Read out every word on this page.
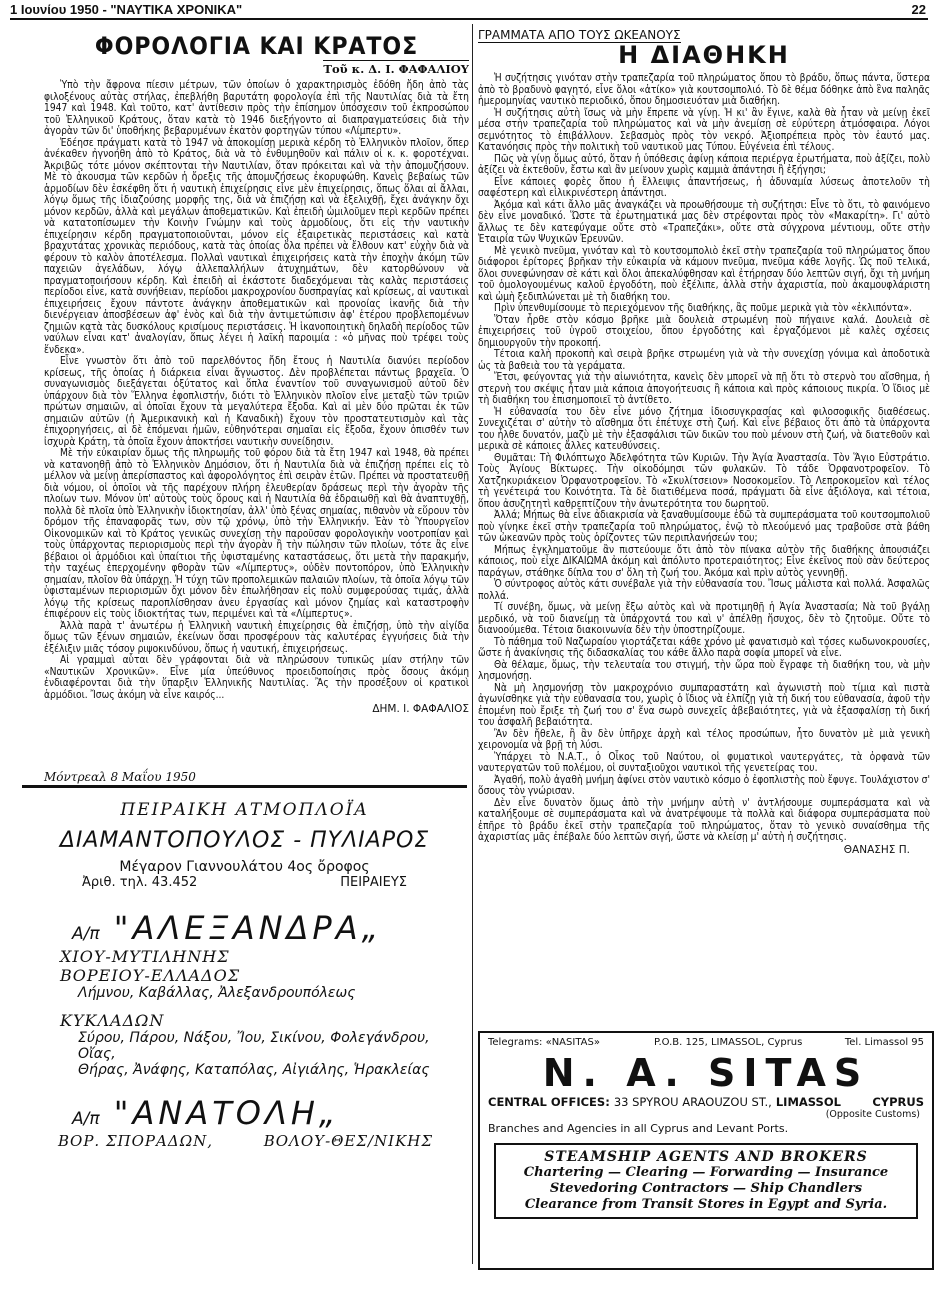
1 Ιουνίου 1950 - "ΝΑΥΤΙΚΑ ΧΡΟΝΙΚΑ"	22
ΦΟΡΟΛΟΓΙΑ ΚΑΙ ΚΡΑΤΟΣ
Τοῦ κ. Δ. Ι. ΦΑΦΑΛΙΟΥ

Ὑπὸ τὴν ἄφρονα πίεσιν μέτρων, τῶν ὁποίων ὁ χαρακτηρισμὸς ἐδόθη ἤδη ἀπὸ τὰς φιλοξένους αὐτὰς στήλας, ἐπεβλήθη βαρυτάτη φορολογία ἐπὶ τῆς Ναυτιλίας διὰ τὰ ἔτη 1947 καὶ 1948. Καὶ τοῦτο, κατ' ἀντίθεσιν πρὸς τὴν ἐπίσημον ὑπόσχεσιν τοῦ ἐκπροσώπου τοῦ Ἑλληνικοῦ Κράτους, ὅταν κατὰ τὸ 1946 διεξήγοντο αἱ διαπραγματεύσεις διὰ τὴν ἀγορὰν τῶν δι' ὑποθήκης βεβαρυμένων ἑκατὸν φορτηγῶν τύπου «Λίμπερτυ».

Ἐδέησε πράγματι κατὰ τὸ 1947 νὰ ἀποκομίσῃ μερικὰ κέρδη τὸ Ἑλληνικὸν πλοῖον, ὅπερ ἀνέκαθεν ἠγνοήθη ἀπὸ τὸ Κράτος, διὰ νὰ τὸ ἐνθυμηθοῦν καὶ πάλιν οἱ κ. κ. φοροτέχναι. Ἀκριβῶς τότε μόνον σκέπτονται τὴν Ναυτιλίαν, ὅταν πρόκειται καὶ νὰ τὴν ἀπομυζήσουν. Μὲ τὸ ἀκουσμα τῶν κερδῶν ἡ ὄρεξις τῆς ἀπομυζήσεως ἐκορυφώθη. Κανεὶς βεβαίως τῶν ἁρμοδίων δὲν ἐσκέφθη ὅτι ἡ ναυτικὴ ἐπιχείρησις εἶνε μὲν ἐπιχείρησις, ὅπως ὅλαι αἱ ἄλλαι, λόγῳ ὅμως τῆς ἰδιαζούσης μορφῆς της, διὰ νὰ ἐπιζήσῃ καὶ νὰ ἐξελιχθῇ, ἔχει ἀνάγκην ὄχι μόνον κερδῶν, ἀλλὰ καὶ μεγάλων ἀποθεματικῶν. Καὶ ἐπειδὴ ὡμιλοῦμεν περὶ κερδῶν πρέπει νὰ κατατοπίσωμεν τὴν Κοινὴν Γνώμην καὶ τοὺς ἁρμοδίους, ὅτι εἰς τὴν ναυτικὴν ἐπιχείρησιν κέρδη πραγματοποιοῦνται, μόνον εἰς ἐξαιρετικὰς περιστάσεις καὶ κατὰ βραχυτάτας χρονικὰς περιόδους, κατὰ τὰς ὁποίας ὅλα πρέπει νὰ ἔλθουν κατ' εὐχὴν διὰ νὰ φέρουν τὸ καλὸν ἀποτέλεσμα. Πολλαὶ ναυτικαὶ ἐπιχειρήσεις κατὰ τὴν ἐποχὴν ἀκόμη τῶν παχειῶν ἀγελάδων, λόγῳ ἀλλεπαλλήλων ἀτυχημάτων, δὲν κατορθώνουν νὰ πραγματοποιήσουν κέρδη. Καὶ ἐπειδὴ αἱ ἑκάστοτε διαδεχόμεναι τὰς καλὰς περιστάσεις περίοδοι εἶνε, κατὰ συνήθειαν, περίοδοι μακροχρονίου δυσπραγίας καὶ κρίσεως, αἱ ναυτικαὶ ἐπιχειρήσεις ἔχουν πάντοτε ἀνάγκην ἀποθεματικῶν καὶ προνοίας ἱκανῆς διὰ τὴν διενέργειαν ἀποσβέσεων ἀφ' ἑνὸς καὶ διὰ τὴν ἀντιμετώπισιν ἀφ' ἑτέρου προβλεπομένων ζημιῶν κατὰ τὰς δυσκόλους κρισίμους περιστάσεις. Ἡ ἱκανοποιητικὴ δηλαδὴ περίοδος τῶν ναύλων εἶναι κατ' ἀναλογίαν, ὅπως λέγει ἡ λαϊκὴ παροιμία : «ὁ μῆνας ποὺ τρέφει τοὺς ἕνδεκα».

Εἶνε γνωστὸν ὅτι ἀπὸ τοῦ παρελθόντος ἤδη ἔτους ἡ Ναυτιλία διανύει περίοδον κρίσεως, τῆς ὁποίας ἡ διάρκεια εἶναι ἄγνωστος. Δὲν προβλέπεται πάντως βραχεῖα. Ὁ συναγωνισμὸς διεξάγεται ὀξύτατος καὶ ὅπλα ἐναντίον τοῦ συναγωνισμοῦ αὐτοῦ δὲν ὑπάρχουν διὰ τὸν Ἕλληνα ἐφοπλιστήν, διότι τὸ Ἑλληνικὸν πλοῖον εἶνε μεταξὺ τῶν τριῶν πρώτων σημαιῶν, αἱ ὁποῖαι ἔχουν τὰ μεγαλύτερα ἔξοδα. Καὶ αἱ μὲν δύο πρῶται ἐκ τῶν σημαιῶν αὐτῶν (ἡ Ἀμερικανικὴ καὶ ἡ Καναδικὴ) ἔχουν τὸν προστατευτισμὸν καὶ τὰς ἐπιχορηγήσεις, αἱ δὲ ἐπόμεναι ἡμῶν, εὐθηνότεραι σημαῖαι εἰς ἔξοδα, ἔχουν ὀπισθέν των ἰσχυρὰ Κράτη, τὰ ὁποῖα ἔχουν ἀποκτήσει ναυτικὴν συνείδησιν.

Μὲ τὴν εὐκαιρίαν ὅμως τῆς πληρωμῆς τοῦ φόρου διὰ τὰ ἔτη 1947 καὶ 1948, θὰ πρέπει νὰ κατανοηθῇ ἀπὸ τὸ Ἑλληνικὸν Δημόσιον, ὅτι ἡ Ναυτιλία διὰ νὰ ἐπιζήσῃ πρέπει εἰς τὸ μέλλον νὰ μείνῃ ἀπερίσπαστος καὶ ἀφορολόγητος ἐπὶ σειρὰν ἐτῶν. Πρέπει νὰ προστατευθῇ διὰ νόμου, οἱ ὁποῖοι νὰ τῆς παρέχουν πλήρη ἐλευθερίαν δράσεως περὶ τὴν ἀγορὰν τῆς πλοίων των. Μόνον ὑπ' αὐτοὺς τοὺς ὅρους καὶ ἡ Ναυτιλία θὰ ἑδραιωθῇ καὶ θὰ ἀναπτυχθῇ, πολλὰ δὲ πλοῖα ὑπὸ Ἑλληνικὴν ἰδιοκτησίαν, ἀλλ' ὑπὸ ξένας σημαίας, πιθανὸν νὰ εὕρουν τὸν δρόμον τῆς ἐπαναφορᾶς των, σὺν τῷ χρόνῳ, ὑπὸ τὴν Ἑλληνικήν. Ἐὰν τὸ Ὑπουργεῖον Οἰκονομικῶν καὶ τὸ Κράτος γενικῶς συνεχίσῃ τὴν παροῦσαν φορολογικὴν νοοτροπίαν καὶ τοὺς ὑπάρχοντας περιορισμοὺς περὶ τὴν ἀγορὰν ἢ τὴν πώλησιν τῶν πλοίων, τότε ἂς εἶνε βέβαιοι οἱ ἁρμόδιοι καὶ ὑπαίτιοι τῆς ὑφισταμένης καταστάσεως, ὅτι μετὰ τὴν παρακμήν, τὴν ταχέως ἐπερχομένην φθορὰν τῶν «Λίμπερτυς», οὐδὲν ποντοπόρον, ὑπὸ Ἑλληνικὴν σημαίαν, πλοῖον θὰ ὑπάρχῃ. Ἡ τύχη τῶν προπολεμικῶν παλαιῶν πλοίων, τὰ ὁποῖα λόγῳ τῶν ὑφισταμένων περιορισμῶν ὄχι μόνον δὲν ἐπωλήθησαν εἰς πολὺ συμφερούσας τιμάς, ἀλλὰ λόγῳ τῆς κρίσεως παροπλίσθησαν ἀνευ ἐργασίας καὶ μόνον ζημίας καὶ καταστροφὴν ἐπιφέρουν εἰς τοὺς ἰδιοκτήτας των, περιμένει καὶ τὰ «Λίμπερτυς».

Ἀλλὰ παρὰ τ' ἀνωτέρω ἡ Ἑλληνικὴ ναυτικὴ ἐπιχείρησις θὰ ἐπιζήσῃ, ὑπὸ τὴν αἰγίδα ὅμως τῶν ξένων σημαιῶν, ἐκείνων ὅσαι προσφέρουν τὰς καλυτέρας ἐγγυήσεις διὰ τὴν ἐξέλιξιν μιᾶς τόσον ριψοκινδύνου, ὅπως ἡ ναυτική, ἐπιχειρήσεως.

Αἱ γραμμαὶ αὗται δὲν γράφονται διὰ νὰ πληρώσουν τυπικῶς μίαν στήλην τῶν «Ναυτικῶν Χρονικῶν». Εἶνε μία ὑπεύθυνος προειδοποίησις πρὸς ὅσους ἀκόμη ἐνδιαφέρονται διὰ τὴν ὕπαρξιν Ἑλληνικῆς Ναυτιλίας. Ἂς τὴν προσέξουν οἱ κρατικοὶ ἁρμόδιοι. Ἴσως ἀκόμη νὰ εἶνε καιρός...

ΔΗΜ. Ι. ΦΑΦΑΛΙΟΣ
Μόντρεαλ 8 Μαΐου 1950
ΓΡΑΜΜΑΤΑ ΑΠΟ ΤΟΥΣ ΩΚΕΑΝΟΥΣ
Η ΔΙΑΘΗΚΗ

Ἡ συζήτησις γινόταν στὴν τραπεζαρία τοῦ πληρώματος ὅπου τὸ βράδυ, ὅπως πάντα, ὕστερα ἀπὸ τὸ βραδυνὸ φαγητό, εἶνε ὅλοι «ἀτίκο» γιὰ κουτσομπολιό. Τὸ δὲ θέμα δόθηκε ἀπὸ ἓνα παληᾶς ἡμερομηνίας ναυτικὸ περιοδικό, ὅπου δημοσιευόταν μιὰ διαθήκη.

Ἡ συζήτησις αὐτὴ ἴσως νὰ μὴν ἔπρεπε νὰ γίνῃ. Ἡ κι' ἂν ἔγινε, καλὰ θὰ ἦταν νὰ μείνῃ ἐκεῖ μέσα στὴν τραπεζαρία τοῦ πληρώματος καὶ νὰ μὴν ἀνεμίσῃ σὲ εὐρύτερη ἀτμόσφαιρα. Λόγοι σεμνότητος τὸ ἐπιβάλλουν. Σεβασμὸς πρὸς τὸν νεκρό. Ἀξιοπρέπεια πρὸς τὸν ἑαυτό μας. Κατανόησις πρὸς τὴν πολιτικὴ τοῦ ναυτικοῦ μας Τύπου. Εὐγένεια ἐπὶ τέλους.

Πῶς νὰ γίνῃ ὅμως αὐτό, ὅταν ἡ ὑπόθεσις ἀφίνῃ κάποια περιέργα ἐρωτήματα, ποὺ ἀξίζει, πολὺ ἀξίζει νὰ ἐκτεθοῦν, ἔστω καὶ ἂν μείνουν χωρὶς καμμιὰ ἀπάντησι ἢ ἐξήγησι;

Εἶνε κάποιες φορὲς ὅπου ἡ ἔλλειψις ἀπαντήσεως, ἡ ἀδυναμία λύσεως ἀποτελοῦν τὴ σαφέστερη καὶ εἰλικρινέστερη ἀπάντησι.

Ἀκόμα καὶ κάτι ἄλλο μᾶς ἀναγκάζει νὰ προωθήσουμε τὴ συζήτησι: Εἶνε τὸ ὅτι, τὸ φαινόμενο δὲν εἶνε μοναδικό. Ὥστε τὰ ἐρωτηματικά μας δὲν στρέφονται πρὸς τὸν «Μακαρίτη». Γι' αὐτὸ ἄλλως τε δὲν κατεφύγαμε οὔτε στὸ «Τραπεζάκι», οὔτε στὰ σύγχρονα μέντιουμ, οὔτε στὴν Ἑταιρία τῶν Ψυχικῶν Ἐρευνῶν.

Μὲ γενικὸ πνεῦμα, γινόταν καὶ τὸ κουτσομπολιὸ ἐκεῖ στὴν τραπεζαρία τοῦ πληρώματος ὅπου διάφοροι ἐρίτορες βρῆκαν τὴν εὐκαιρία νὰ κάμουν πνεῦμα, πνεῦμα κάθε λογῆς. Ὡς ποῦ τελικά, ὅλοι συνεφώνησαν σὲ κάτι καὶ ὅλοι ἀπεκαλύφθησαν καὶ ἐτήρησαν δύο λεπτῶν σιγή, ὄχι τὴ μνήμη τοῦ ὁμολογουμένως καλοῦ ἐργοδότη, ποὺ ἐξέλιπε, ἀλλὰ στὴν ἀχαριστία, ποὺ ἀκαμουφλάριστη καὶ ὠμὴ ξεδιπλώνεται μὲ τὴ διαθήκη του.

Πρὶν ὑπενθυμίσουμε τὸ περιεχόμενον τῆς διαθήκης, ἂς ποῦμε μερικὰ γιὰ τὸν «ἐκλιπόντα».

Ὅταν ἦρθε στὸν κόσμο βρῆκε μιὰ δουλειὰ στρωμένη ποὺ πήγαινε καλά. Δουλειὰ σὲ ἐπιχειρήσεις τοῦ ὑγροῦ στοιχείου, ὅπου ἐργοδότης καὶ ἐργαζόμενοι μὲ καλὲς σχέσεις δημιουργοῦν τὴν προκοπή.

Τέτοια καλὴ προκοπὴ καὶ σειρὰ βρῆκε στρωμένη γιὰ νὰ τὴν συνεχίσῃ γόνιμα καὶ ἀποδοτικὰ ὡς τὰ βαθειὰ του τὰ γεράματα.

Ἔτσι, φεύγοντας γιὰ τὴν αἰωνιότητα, κανεὶς δὲν μπορεῖ νὰ πῇ ὅτι τὸ στερνὸ του αἴσθημα, ἡ στερνὴ του σκέψις ἦταν μιὰ κάποια ἀπογοήτευσις ἢ κάποια καὶ πρὸς κάποιους πικρία. Ὁ ἴδιος μὲ τὴ διαθήκη του ἐπισημοποιεῖ τὸ ἀντίθετο.

Ἡ εὐθανασία του δὲν εἶνε μόνο ζήτημα ἰδιοσυγκρασίας καὶ φιλοσοφικῆς διαθέσεως. Συνεχιζέται σ' αὐτὴν τὸ αἴσθημα ὅτι ἐπέτυχε στὴ ζωή. Καὶ εἶνε βέβαιος ὅτι ἀπὸ τὰ ὑπάρχοντα του ἦλθε δυνατόν, μαζὺ μὲ τὴν ἐξασφάλισι τῶν δικῶν του ποὺ μένουν στὴ ζωή, νὰ διατεθοῦν καὶ μερικὰ σὲ κάποιες ἄλλες κατευθύνσεις.

Θυμᾶται: Τὴ Φιλόπτωχο Ἀδελφότητα τῶν Κυριῶν. Τὴν Ἁγία Ἀναστασία. Τὸν Ἅγιο Εὐστράτιο. Τοὺς Ἁγίους Βίκτωρες. Τὴν οἰκοδόμησι τῶν φυλακῶν. Τὸ τάδε Ὀρφανοτροφεῖον. Τὸ Χατζηκυριάκειον Ὀρφανοτροφεῖον. Τὸ «Σκυλίτσειον» Νοσοκομεῖον. Τὸ Λεπροκομεῖον καὶ τέλος τὴ γενέτειρά του Κοινότητα. Τὰ δὲ διατιθέμενα ποσά, πράγματι δὰ εἶνε ἀξιόλογα, καὶ τέτοια, ὅπου ἀσυζητητὶ καθρεπτίζουν τὴν ἀνωτερότητα του δωρητοῦ.

Ἀλλά; Μήπως θὰ εἶνε ἀδιακρισία νὰ ξαναθυμίσουμε ἐδῶ τὰ συμπεράσματα τοῦ κουτσομπολιοῦ ποὺ γίνηκε ἐκεῖ στὴν τραπεζαρία τοῦ πληρώματος, ἐνῷ τὸ πλεούμενό μας τραβοῦσε στὰ βάθη τῶν ὠκεανῶν πρὸς τοὺς ὁρίζοντες τῶν περιπλανήσεών του;

Μήπως ἐγκληματοῦμε ἂν πιστεύουμε ὅτι ἀπὸ τὸν πίνακα αὐτὸν τῆς διαθήκης ἀπουσιάζει κάποιος, ποὺ εἶχε ΔΙΚΑΙΩΜΑ ἀκόμη καὶ ἀπόλυτο προτεραιότητος; Εἶνε ἐκεῖνος ποὺ σὰν δεύτερος παράγων, στάθηκε δίπλα του σ' ὅλη τὴ ζωή του. Ἀκόμα καὶ πρὶν αὐτὸς γεννηθῇ.

Ὁ σύντροφος αὐτὸς κάτι συνέβαλε γιὰ τὴν εὐθανασία του. Ἴσως μάλιστα καὶ πολλά. Ἀσφαλῶς πολλά.

Τί συνέβη, ὅμως, νὰ μείνῃ ἔξω αὐτὸς καὶ νὰ προτιμηθῇ ἡ Ἁγία Ἀναστασία; Νὰ τοῦ βγάλῃ μερδικό, νὰ τοῦ διανείμῃ τὰ ὑπάρχοντά του καὶ ν' ἀπέλθῃ ἥσυχος, δὲν τὸ ζητοῦμε. Οὔτε τὸ διανοούμεθα. Τέτοια διακοινωνία δὲν τὴν ὑποστηρίζουμε.

Τὸ πάθημα τοῦ Ναζωραίου γιορτάζεται κάθε χρόνο μὲ φανατισμὸ καὶ τόσες κωδωνοκρουσίες, ὥστε ἡ ἀνακίνησις τῆς διδασκαλίας του κάθε ἄλλο παρὰ σοφία μπορεῖ νὰ εἶνε.

Θὰ θέλαμε, ὅμως, τὴν τελευταία του στιγμή, τὴν ὥρα ποὺ ἔγραφε τὴ διαθήκη του, νὰ μὴν λησμονήσῃ.

Νὰ μὴ λησμονήσῃ τὸν μακροχρόνιο συμπαραστάτη καὶ ἀγωνιστὴ ποὺ τίμια καὶ πιστὰ ἀγωνίσθηκε γιὰ τὴν εὐθανασία του, χωρὶς ὁ ἴδιος νὰ ἐλπίζῃ γιὰ τὴ δική του εὐθανασία, ἀφοῦ τὴν ἐπομένη ποὺ ἔριξε τὴ ζωή του σ' ἕνα σωρὸ συνεχεῖς ἀβεβαιότητες, γιὰ νὰ ἐξασφαλίσῃ τὴ δική του ἀσφαλῆ βεβαιότητα.

Ἂν δὲν ἤθελε, ἢ ἂν δὲν ὑπῆρχε ἀρχὴ καὶ τέλος προσώπων, ἦτο δυνατὸν μὲ μιὰ γενικὴ χειρονομία νὰ βρῇ τὴ λύσι.

Ὑπάρχει τὸ Ν.Α.Τ., ὁ Οἶκος τοῦ Ναύτου, οἱ φυματικοὶ ναυτεργάτες, τὰ ὀρφανὰ τῶν ναυτεργατῶν τοῦ πολέμου, οἱ συνταξιοῦχοι ναυτικοὶ τῆς γενετείρας του.

Ἀγαθή, πολὺ ἀγαθὴ μνήμη ἀφίνει στὸν ναυτικὸ κόσμο ὁ ἐφοπλιστὴς ποὺ ἔφυγε. Τουλάχιστον σ' ὅσους τὸν γνώρισαν.

Δὲν εἶνε δυνατὸν ὅμως ἀπὸ τὴν μνήμην αὐτὴ ν' ἀντλήσουμε συμπεράσματα καὶ νὰ καταλήξουμε σὲ συμπεράσματα καὶ νὰ ἀνατρέψουμε τὰ πολλὰ καὶ διάφορα συμπεράσματα ποὺ ἐπῆρε τὸ βράδυ ἐκεῖ στὴν τραπεζαρία τοῦ πληρώματος, ὅταν τὸ γενικὸ συναίσθημα τῆς ἀχαριστίας μᾶς ἐπέβαλε δύο λεπτῶν σιγή, ὥστε νὰ κλείσῃ μ' αὐτὴ ἡ συζήτησις.

ΘΑΝΑΣΗΣ Π.
ΠΕΙΡΑΙΚΗ ΑΤΜΟΠΛΟΪΑ
ΔΙΑΜΑΝΤΟΠΟΥΛΟΣ - ΠΥΛΙΑΡΟΣ
Μέγαρον Γιαννουλάτου 4ος ὄροφος
Ἀριθ. τηλ. 43.452	ΠΕΙΡΑΙΕΥΣ
Α/π "ΑΛΕΞΑΝΔΡΑ„
ΧΙΟΥ-ΜΥΤΙΛΗΝΗΣ
ΒΟΡΕΙΟΥ-ΕΛΛΑΔΟΣ
Λήμνου, Καβάλλας, Ἀλεξανδρουπόλεως
ΚΥΚΛΑΔΩΝ
Σύρου, Πάρου, Νάξου, Ἴου, Σικίνου, Φολεγάνδρου, Οἴας,
Θήρας, Ἀνάφης, Καταπόλας, Αἰγιάλης, Ἡρακλείας
Α/π "ΑΝΑΤΟΛΗ„
ΒΟΡ. ΣΠΟΡΑΔΩΝ,	ΒΟΛΟΥ-ΘΕΣ/ΝΙΚΗΣ
Telegrams: «NASITAS»	P.O.B. 125, LIMASSOL, Cyprus	Tel. Limassol 95
N. A. SITAS
CENTRAL OFFICES: 33 SPYROU ARAOUZOU ST., LIMASSOL	CYPRUS
(Opposite Customs)
Branches and Agencies in all Cyprus and Levant Ports.
STEAMSHIP AGENTS AND BROKERS
Chartering — Clearing — Forwarding — Insurance
Stevedoring Contractors — Ship Chandlers
Clearance from Transit Stores in Egypt and Syria.
